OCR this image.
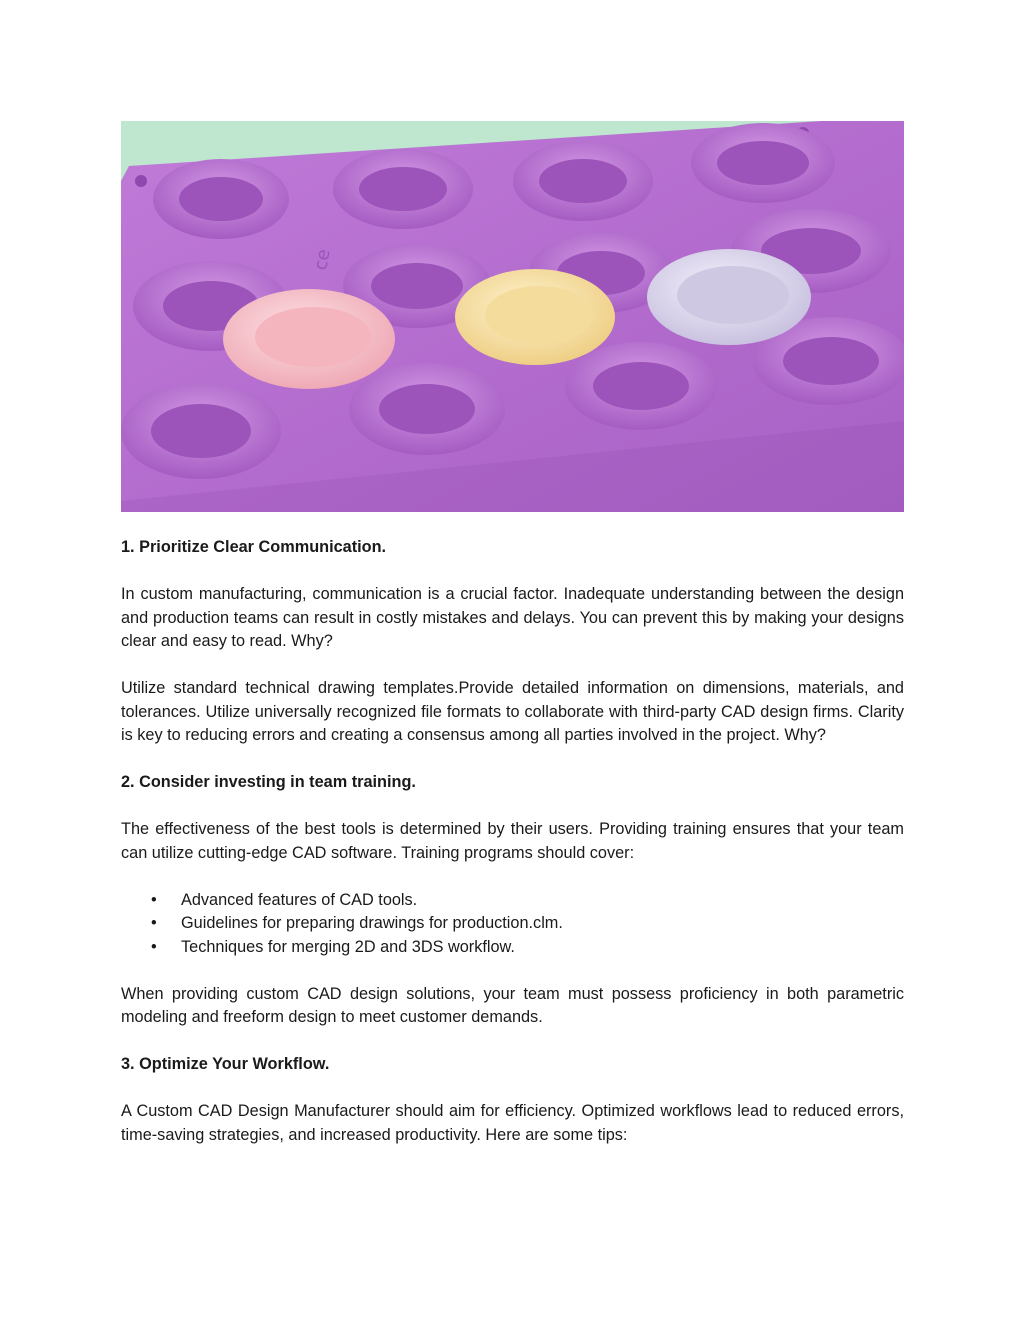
ce

1. Prioritize Clear Communication.

In custom manufacturing, communication is a crucial factor. Inadequate understanding between the design and production teams can result in costly mistakes and delays. You can prevent this by making your designs clear and easy to read. Why?

Utilize standard technical drawing templates.Provide detailed information on dimensions, materials, and tolerances. Utilize universally recognized file formats to collaborate with third-party CAD design firms. Clarity is key to reducing errors and creating a consensus among all parties involved in the project. Why?

2. Consider investing in team training.

The effectiveness of the best tools is determined by their users. Providing training ensures that your team can utilize cutting-edge CAD software. Training programs should cover:

• Advanced features of CAD tools.
• Guidelines for preparing drawings for production.clm.
• Techniques for merging 2D and 3DS workflow.

When providing custom CAD design solutions, your team must possess proficiency in both parametric modeling and freeform design to meet customer demands.

3. Optimize Your Workflow.

A Custom CAD Design Manufacturer should aim for efficiency. Optimized workflows lead to reduced errors, time-saving strategies, and increased productivity. Here are some tips:
